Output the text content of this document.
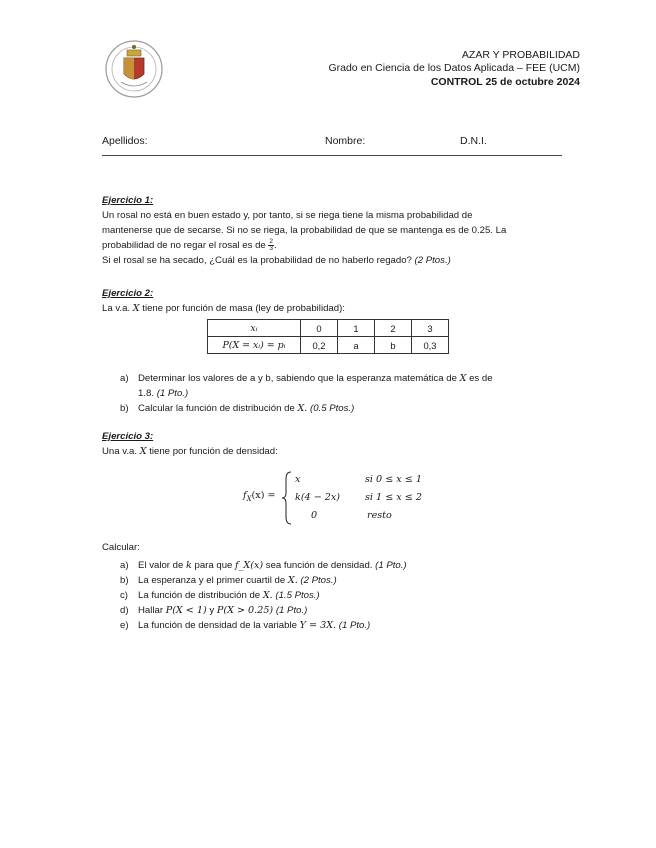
AZAR Y PROBABILIDAD
Grado en Ciencia de los Datos Aplicada – FEE (UCM)
CONTROL 25 de octubre 2024
Apellidos:	Nombre:	D.N.I.
Ejercicio 1:
Un rosal no está en buen estado y, por tanto, si se riega tiene la misma probabilidad de
mantenerse que de secarse. Si no se riega, la probabilidad de que se mantenga es de 0.25. La
probabilidad de no regar el rosal es de $\frac{2}{3}$ .
Si el rosal se ha secado, ¿Cuál es la probabilidad de no haberlo regado? (2 Ptos.)
Ejercicio 2:
La v.a. X tiene por función de masa (ley de probabilidad):
xᵢ	0	1	2	3
P(X = xᵢ) = pᵢ	0,2	a	b	0,3
a) Determinar los valores de a y b, sabiendo que la esperanza matemática de X es de
1.8. (1 Pto.)
b) Calcular la función de distribución de X. (0.5 Ptos.)
Ejercicio 3:
Una v.a. X tiene por función de densidad:
$f_X(x)$ =
x	si 0 ≤ x ≤ 1
k(4 − 2x)	si 1 ≤ x ≤ 2
0	resto
Calcular:
a) El valor de k para que f_X(x) sea función de densidad. (1 Pto.)
b) La esperanza y el primer cuartil de X. (2 Ptos.)
c) La función de distribución de X. (1.5 Ptos.)
d) Hallar P(X < 1) y P(X > 0.25) (1 Pto.)
e) La función de densidad de la variable Y = 3X. (1 Pto.)
